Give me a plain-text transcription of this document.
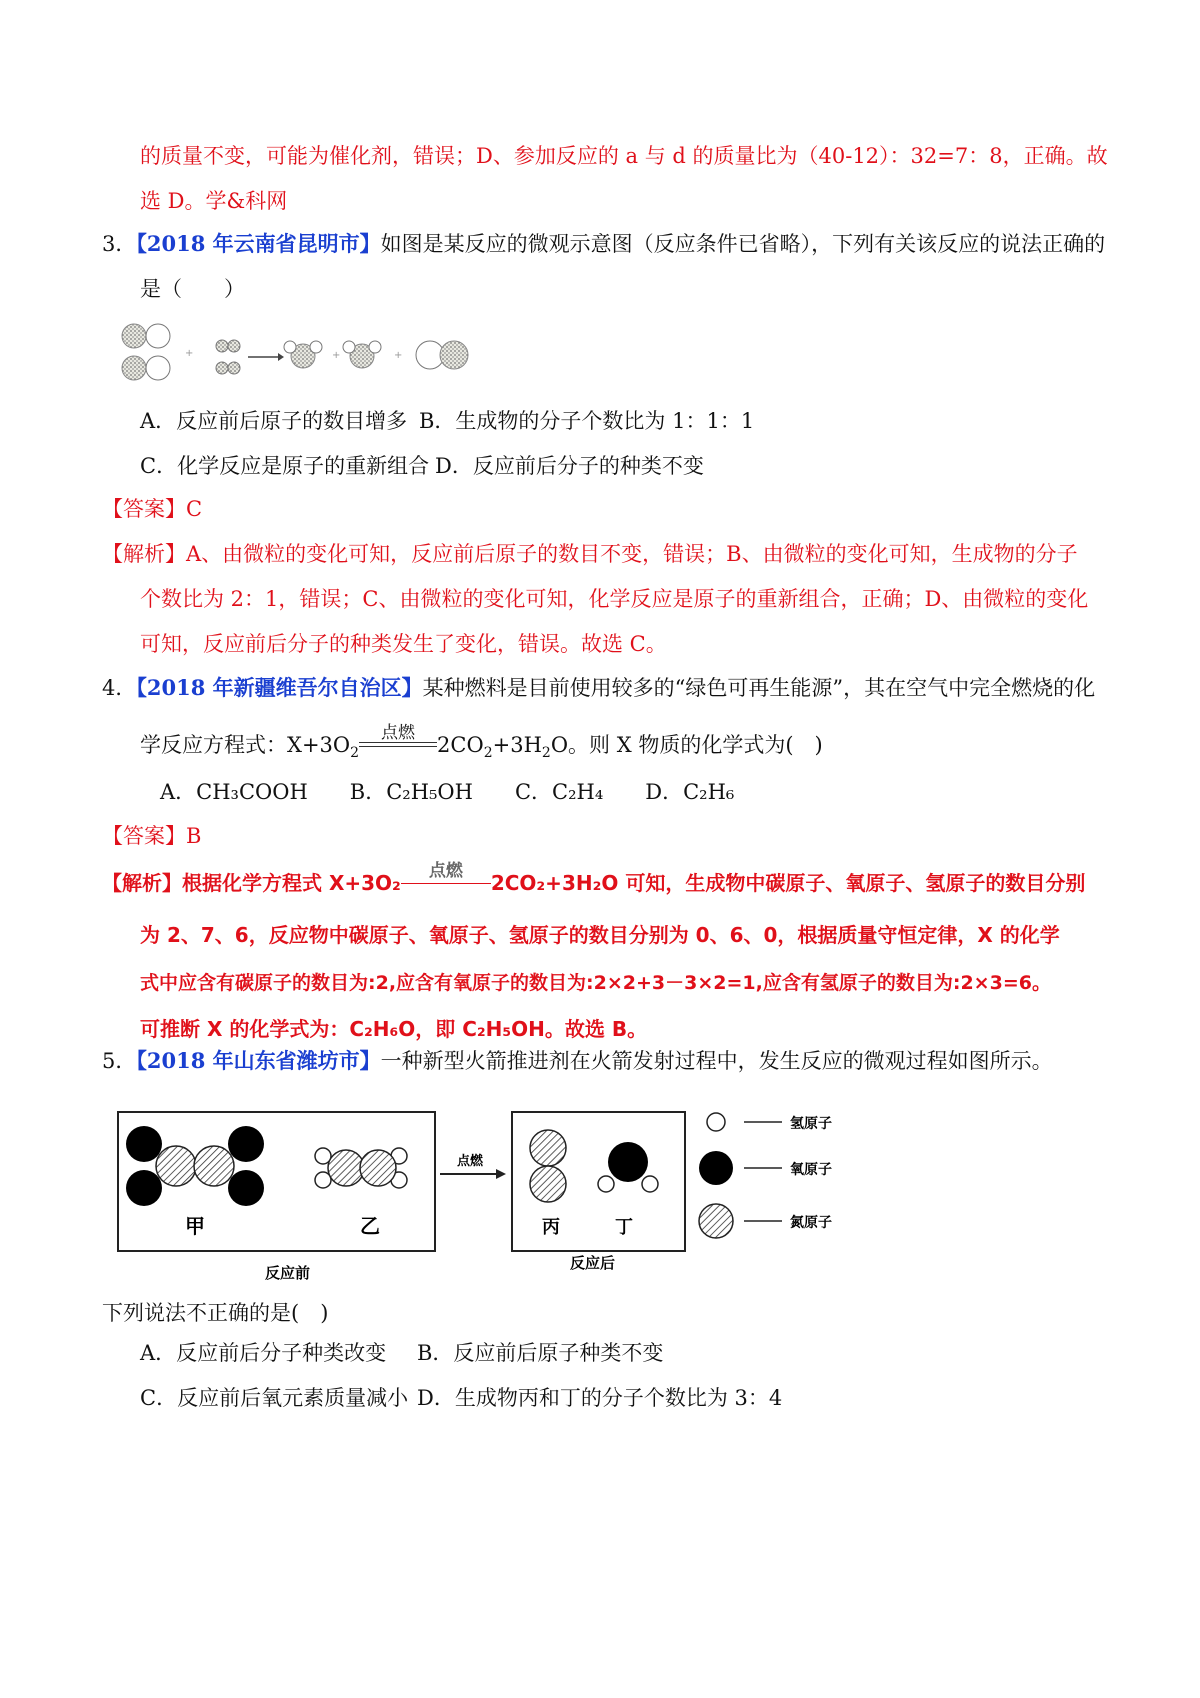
的质量不变，可能为催化剂，错误；D、参加反应的 a 与 d 的质量比为（40-12）：32=7：8，正确。故
选 D。学&科网
3．【2018 年云南省昆明市】如图是某反应的微观示意图（反应条件已省略），下列有关该反应的说法正确的
是（　　）
+	+	+
A．反应前后原子的数目增多 B．生成物的分子个数比为 1：1：1
C．化学反应是原子的重新组合 D．反应前后分子的种类不变
【答案】C
【解析】A、由微粒的变化可知，反应前后原子的数目不变，错误；B、由微粒的变化可知，生成物的分子
个数比为 2：1，错误；C、由微粒的变化可知，化学反应是原子的重新组合，正确；D、由微粒的变化
可知，反应前后分子的种类发生了变化，错误。故选 C。
4．【2018 年新疆维吾尔自治区】某种燃料是目前使用较多的“绿色可再生能源”，其在空气中完全燃烧的化
学反应方程式：$X+3O_2$
点燃	$2CO_2+3H_2O$。则 X 物质的化学式为(　)
A．CH₃COOH　　B．C₂H₅OH　　C．C₂H₄　　D．C₂H₆
【答案】B
【解析】根据化学方程式 X+3O₂	点燃	2CO₂+3H₂O 可知，生成物中碳原子、氧原子、氢原子的数目分别
为 2、7、6，反应物中碳原子、氧原子、氢原子的数目分别为 0、6、0，根据质量守恒定律，X 的化学
式中应含有碳原子的数目为:2,应含有氧原子的数目为:2×2+3－3×2=1,应含有氢原子的数目为:2×3=6。
可推断 X 的化学式为：C₂H₆O，即 C₂H₅OH。故选 B。
5．【2018 年山东省潍坊市】一种新型火箭推进剂在火箭发射过程中，发生反应的微观过程如图所示。
甲	乙
反应前
点燃
丙	丁
反应后
氢原子
氧原子
氮原子
下列说法不正确的是(　)
A．反应前后分子种类改变 B．反应前后原子种类不变
C．反应前后氧元素质量减小 D．生成物丙和丁的分子个数比为 3：4
